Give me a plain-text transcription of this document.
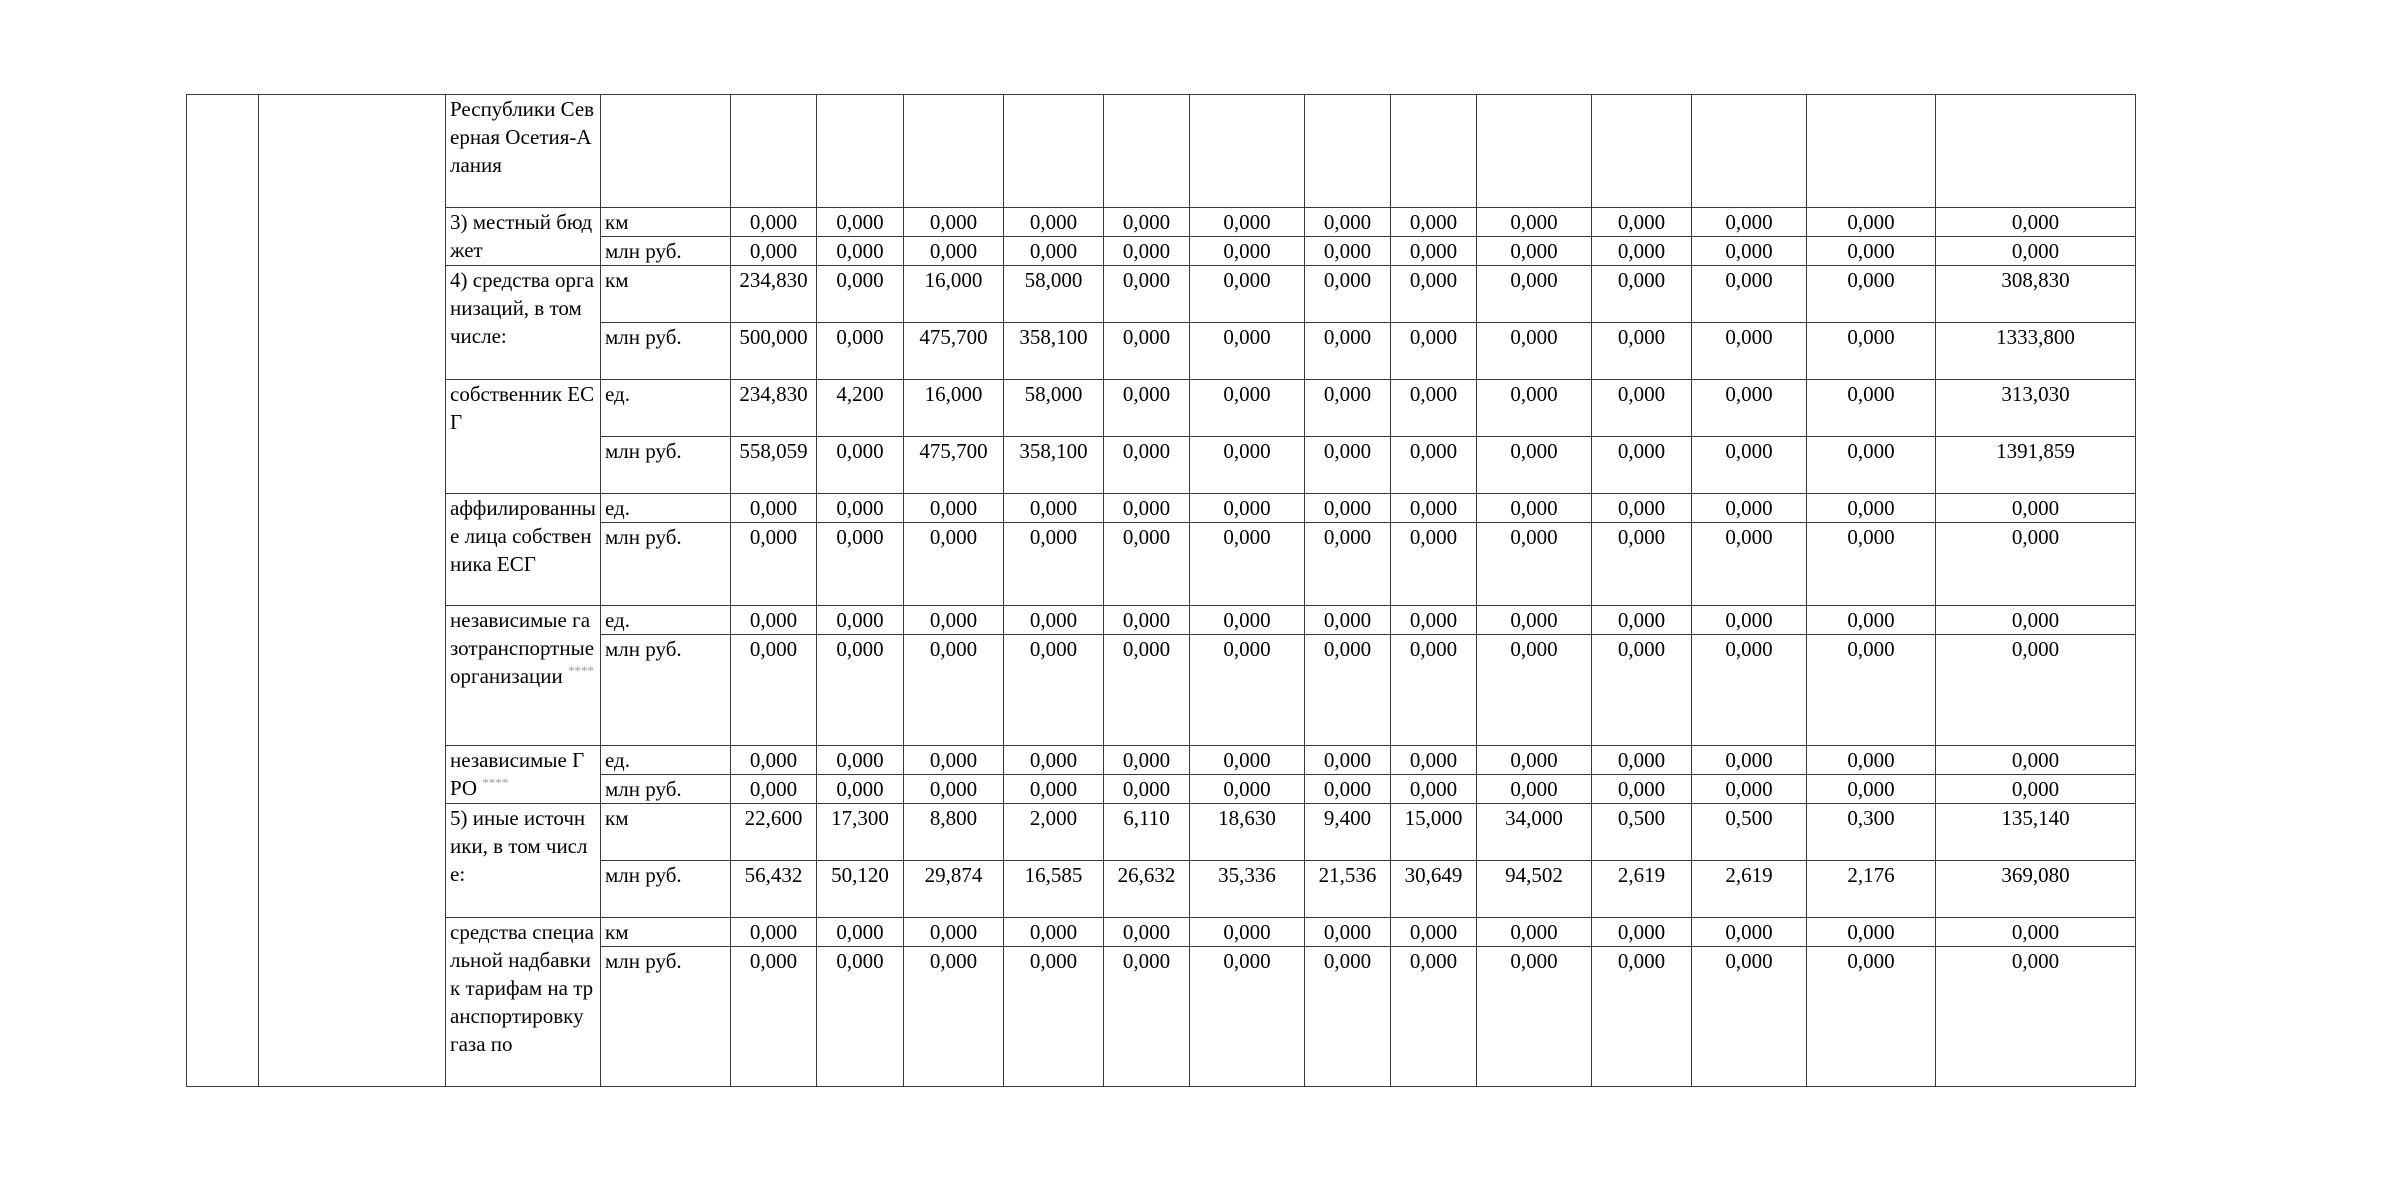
		Республики Северная Осетия-Алания														
		3) местный бюджет	км	0,000	0,000	0,000	0,000	0,000	0,000	0,000	0,000	0,000	0,000	0,000	0,000	0,000
			млн руб.	0,000	0,000	0,000	0,000	0,000	0,000	0,000	0,000	0,000	0,000	0,000	0,000	0,000
		4) средства организаций, в том числе:	км	234,830	0,000	16,000	58,000	0,000	0,000	0,000	0,000	0,000	0,000	0,000	0,000	308,830
			млн руб.	500,000	0,000	475,700	358,100	0,000	0,000	0,000	0,000	0,000	0,000	0,000	0,000	1333,800
		собственник ЕСГ	ед.	234,830	4,200	16,000	58,000	0,000	0,000	0,000	0,000	0,000	0,000	0,000	0,000	313,030
			млн руб.	558,059	0,000	475,700	358,100	0,000	0,000	0,000	0,000	0,000	0,000	0,000	0,000	1391,859
		аффилированные лица собственника ЕСГ	ед.	0,000	0,000	0,000	0,000	0,000	0,000	0,000	0,000	0,000	0,000	0,000	0,000	0,000
			млн руб.	0,000	0,000	0,000	0,000	0,000	0,000	0,000	0,000	0,000	0,000	0,000	0,000	0,000
		независимые газотранспортные организации ****	ед.	0,000	0,000	0,000	0,000	0,000	0,000	0,000	0,000	0,000	0,000	0,000	0,000	0,000
			млн руб.	0,000	0,000	0,000	0,000	0,000	0,000	0,000	0,000	0,000	0,000	0,000	0,000	0,000
		независимые ГРО ****	ед.	0,000	0,000	0,000	0,000	0,000	0,000	0,000	0,000	0,000	0,000	0,000	0,000	0,000
			млн руб.	0,000	0,000	0,000	0,000	0,000	0,000	0,000	0,000	0,000	0,000	0,000	0,000	0,000
		5) иные источники, в том числе:	км	22,600	17,300	8,800	2,000	6,110	18,630	9,400	15,000	34,000	0,500	0,500	0,300	135,140
			млн руб.	56,432	50,120	29,874	16,585	26,632	35,336	21,536	30,649	94,502	2,619	2,619	2,176	369,080
		средства специальной надбавки к тарифам на транспортировку газа по	км	0,000	0,000	0,000	0,000	0,000	0,000	0,000	0,000	0,000	0,000	0,000	0,000	0,000
			млн руб.	0,000	0,000	0,000	0,000	0,000	0,000	0,000	0,000	0,000	0,000	0,000	0,000	0,000
